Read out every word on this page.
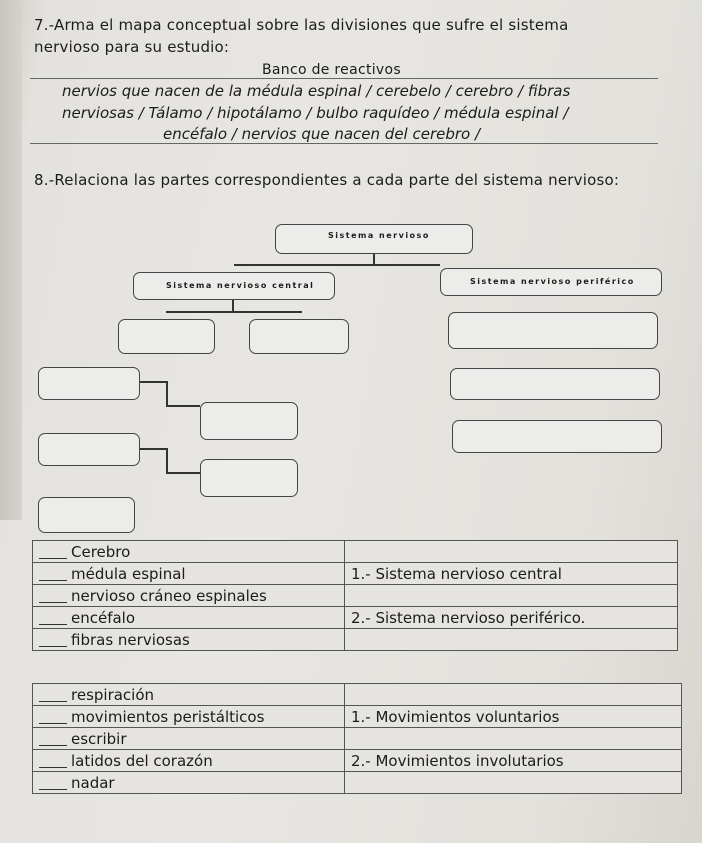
7.-Arma el mapa conceptual sobre las divisiones que sufre el sistema
nervioso para su estudio:
Banco de reactivos
nervios que nacen de la médula espinal / cerebelo / cerebro / fibras
nerviosas / Tálamo / hipotálamo / bulbo raquídeo / médula espinal /
encéfalo / nervios que nacen del cerebro /
8.-Relaciona las partes correspondientes a cada parte del sistema nervioso:
Sistema nervioso
Sistema nervioso central	Sistema nervioso periférico
Cerebro	
médula espinal	1.- Sistema nervioso central
nervioso cráneo espinales	
encéfalo	2.- Sistema nervioso periférico.
fibras nerviosas	
respiración	
movimientos peristálticos	1.- Movimientos voluntarios
escribir	
latidos del corazón	2.- Movimientos involutarios
nadar	
